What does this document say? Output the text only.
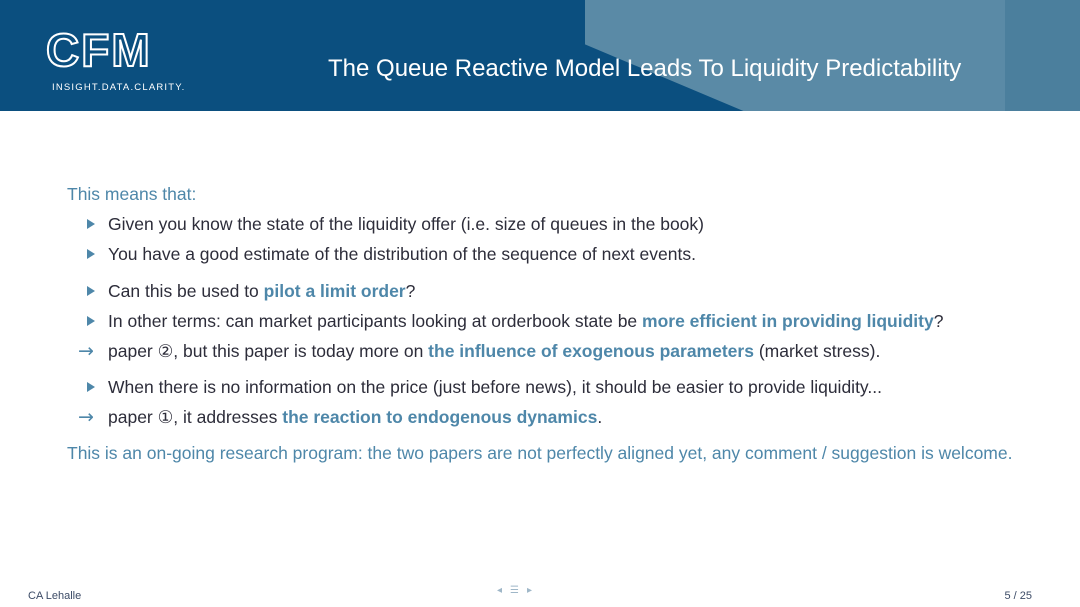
CFM
INSIGHT.DATA.CLARITY.
The Queue Reactive Model Leads To Liquidity Predictability

This means that:

Given you know the state of the liquidity offer (i.e. size of queues in the book)

You have a good estimate of the distribution of the sequence of next events.

Can this be used to pilot a limit order?

In other terms: can market participants looking at orderbook state be more efficient in providing liquidity?

→ paper ②, but this paper is today more on the influence of exogenous parameters (market stress).

When there is no information on the price (just before news), it should be easier to provide liquidity...

→ paper ①, it addresses the reaction to endogenous dynamics.

This is an on-going research program: the two papers are not perfectly aligned yet, any comment / suggestion is welcome.
CA Lehalle	◂ ☰ ▸	5 / 25
